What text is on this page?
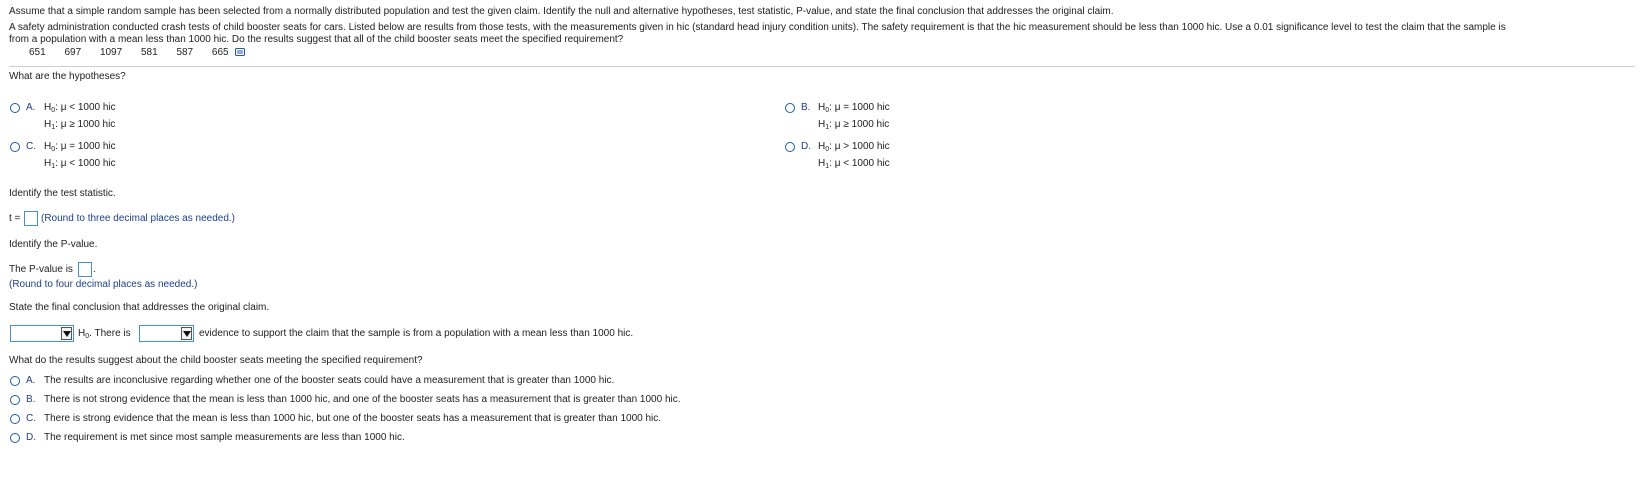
Assume that a simple random sample has been selected from a normally distributed population and test the given claim. Identify the null and alternative hypotheses, test statistic, P-value, and state the final conclusion that addresses the original claim.
A safety administration conducted crash tests of child booster seats for cars. Listed below are results from those tests, with the measurements given in hic (standard head injury condition units). The safety requirement is that the hic measurement should be less than 1000 hic. Use a 0.01 significance level to test the claim that the sample is
from a population with a mean less than 1000 hic. Do the results suggest that all of the child booster seats meet the specified requirement?
651 697 1097 581 587 665
What are the hypotheses?
A. $H_0$: μ < 1000 hic
$H_1$: μ ≥ 1000 hic
B. $H_0$: μ = 1000 hic
$H_1$: μ ≥ 1000 hic
C. $H_0$: μ = 1000 hic
$H_1$: μ < 1000 hic
D. $H_0$: μ > 1000 hic
$H_1$: μ < 1000 hic
Identify the test statistic.
t = (Round to three decimal places as needed.)
Identify the P-value.
The P-value is .
(Round to four decimal places as needed.)
State the final conclusion that addresses the original claim.
$H_0$. There is	evidence to support the claim that the sample is from a population with a mean less than 1000 hic.
What do the results suggest about the child booster seats meeting the specified requirement?
A. The results are inconclusive regarding whether one of the booster seats could have a measurement that is greater than 1000 hic.
B. There is not strong evidence that the mean is less than 1000 hic, and one of the booster seats has a measurement that is greater than 1000 hic.
C. There is strong evidence that the mean is less than 1000 hic, but one of the booster seats has a measurement that is greater than 1000 hic.
D. The requirement is met since most sample measurements are less than 1000 hic.
